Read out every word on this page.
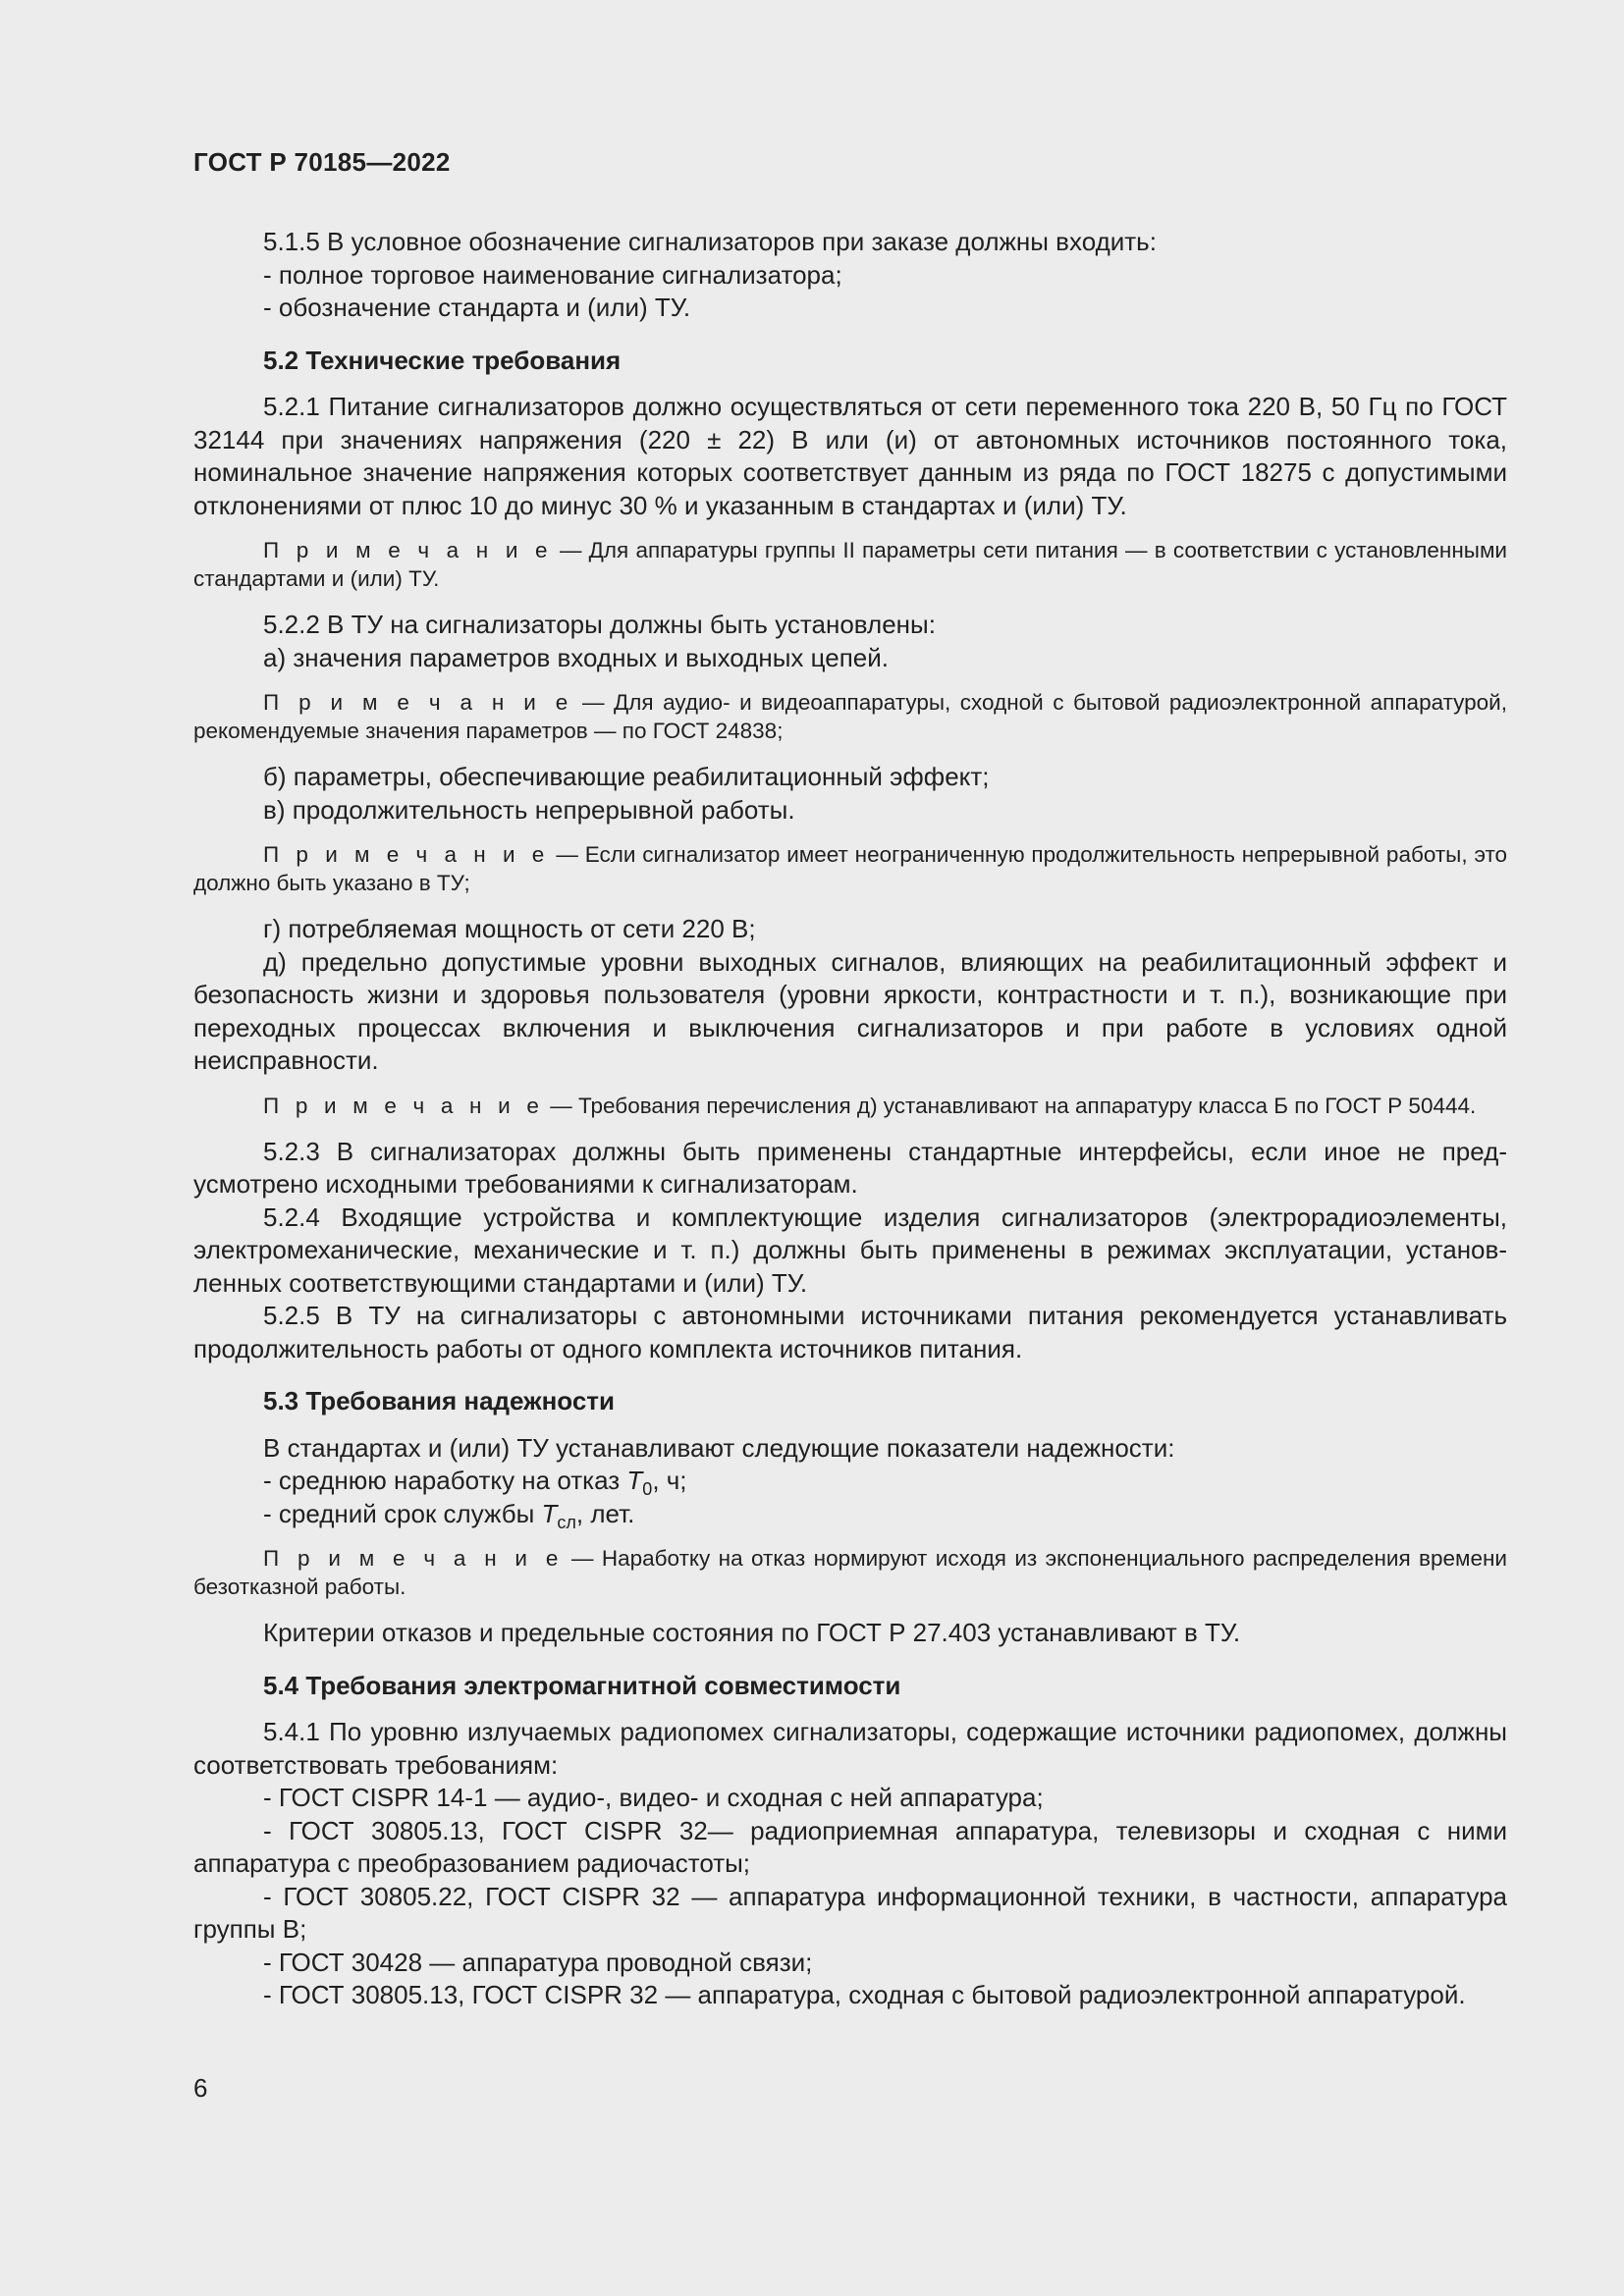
ГОСТ Р 70185—2022

5.1.5 В условное обозначение сигнализаторов при заказе должны входить:

- полное торговое наименование сигнализатора;

- обозначение стандарта и (или) ТУ.

5.2 Технические требования

5.2.1 Питание сигнализаторов должно осуществляться от сети переменного тока 220 В, 50 Гц по ГОСТ 32144 при значениях напряжения (220 ± 22) В или (и) от автономных источников постоянного тока, номинальное значение напряжения которых соответствует данным из ряда по ГОСТ 18275 с допустимыми отклонениями от плюс 10 до минус 30 % и указанным в стандартах и (или) ТУ.

П р и м е ч а н и е — Для аппаратуры группы II параметры сети питания — в соответствии с установленными стандартами и (или) ТУ.

5.2.2 В ТУ на сигнализаторы должны быть установлены:

а) значения параметров входных и выходных цепей.

П р и м е ч а н и е — Для аудио- и видеоаппаратуры, сходной с бытовой радиоэлектронной аппаратурой, рекомендуемые значения параметров — по ГОСТ 24838;

б) параметры, обеспечивающие реабилитационный эффект;

в) продолжительность непрерывной работы.

П р и м е ч а н и е — Если сигнализатор имеет неограниченную продолжительность непрерывной работы, это должно быть указано в ТУ;

г) потребляемая мощность от сети 220 В;

д) предельно допустимые уровни выходных сигналов, влияющих на реабилитационный эффект и безопасность жизни и здоровья пользователя (уровни яркости, контрастности и т. п.), возникающие при переходных процессах включения и выключения сигнализаторов и при работе в условиях одной неисправности.

П р и м е ч а н и е — Требования перечисления д) устанавливают на аппаратуру класса Б по ГОСТ Р 50444.

5.2.3 В сигнализаторах должны быть применены стандартные интерфейсы, если иное не предусмотрено исходными требованиями к сигнализаторам.

5.2.4 Входящие устройства и комплектующие изделия сигнализаторов (электрорадиоэлементы, электромеханические, механические и т. п.) должны быть применены в режимах эксплуатации, установленных соответствующими стандартами и (или) ТУ.

5.2.5 В ТУ на сигнализаторы с автономными источниками питания рекомендуется устанавливать продолжительность работы от одного комплекта источников питания.

5.3 Требования надежности

В стандартах и (или) ТУ устанавливают следующие показатели надежности:

- среднюю наработку на отказ $T_0$, ч;

- средний срок службы $T_{сл}$, лет.

П р и м е ч а н и е — Наработку на отказ нормируют исходя из экспоненциального распределения времени безотказной работы.

Критерии отказов и предельные состояния по ГОСТ Р 27.403 устанавливают в ТУ.

5.4 Требования электромагнитной совместимости

5.4.1 По уровню излучаемых радиопомех сигнализаторы, содержащие источники радиопомех, должны соответствовать требованиям:

- ГОСТ CISPR 14-1 — аудио-, видео- и сходная с ней аппаратура;

- ГОСТ 30805.13, ГОСТ CISPR 32— радиоприемная аппаратура, телевизоры и сходная с ними аппаратура с преобразованием радиочастоты;

- ГОСТ 30805.22, ГОСТ CISPR 32 — аппаратура информационной техники, в частности, аппаратура группы В;

- ГОСТ 30428 — аппаратура проводной связи;

- ГОСТ 30805.13, ГОСТ CISPR 32 — аппаратура, сходная с бытовой радиоэлектронной аппаратурой.

6
